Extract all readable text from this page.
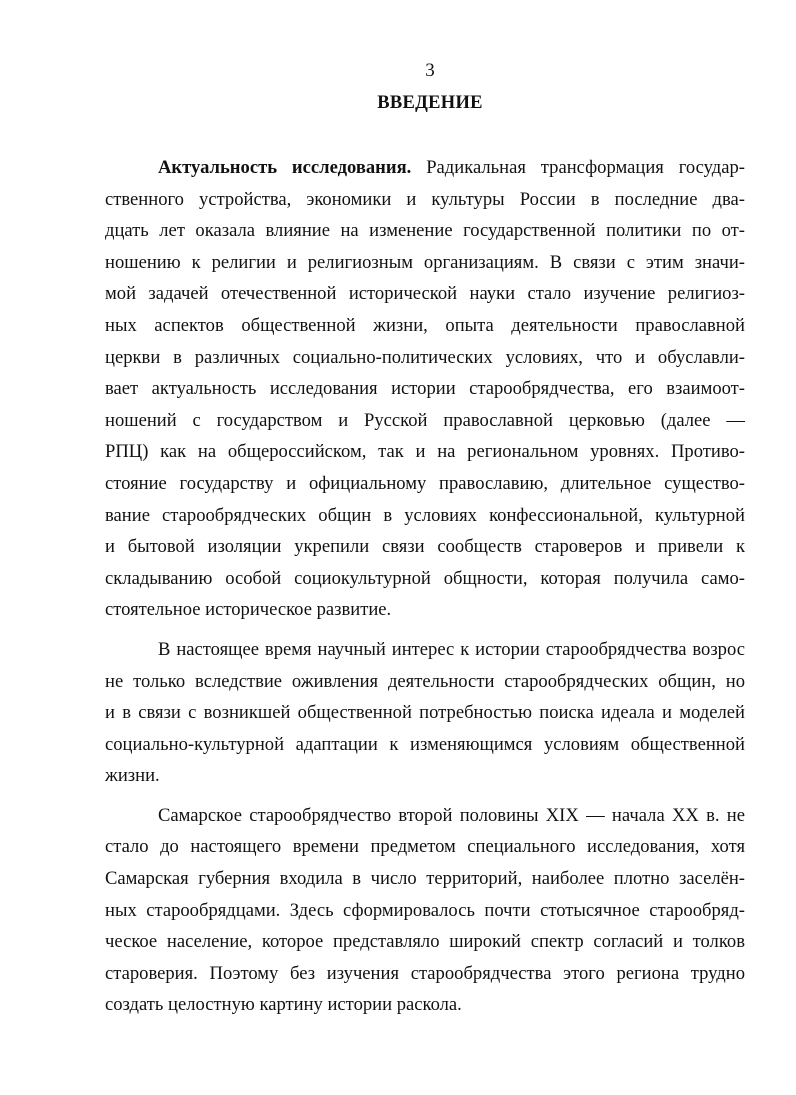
3
ВВЕДЕНИЕ
Актуальность исследования. Радикальная трансформация государ-
ственного устройства, экономики и культуры России в последние два-
дцать лет оказала влияние на изменение государственной политики по от-
ношению к религии и религиозным организациям. В связи с этим значи-
мой задачей отечественной исторической науки стало изучение религиоз-
ных аспектов общественной жизни, опыта деятельности православной
церкви в различных социально-политических условиях, что и обуславли-
вает актуальность исследования истории старообрядчества, его взаимоот-
ношений с государством и Русской православной церковью (далее —
РПЦ) как на общероссийском, так и на региональном уровнях. Противо-
стояние государству и официальному православию, длительное существо-
вание старообрядческих общин в условиях конфессиональной, культурной
и бытовой изоляции укрепили связи сообществ староверов и привели к
складыванию особой социокультурной общности, которая получила само-
стоятельное историческое развитие.
В настоящее время научный интерес к истории старообрядчества возрос
не только вследствие оживления деятельности старообрядческих общин, но
и в связи с возникшей общественной потребностью поиска идеала и моделей
социально-культурной адаптации к изменяющимся условиям общественной
жизни.
Самарское старообрядчество второй половины XIX — начала XX в. не
стало до настоящего времени предметом специального исследования, хотя
Самарская губерния входила в число территорий, наиболее плотно заселён-
ных старообрядцами. Здесь сформировалось почти стотысячное старообряд-
ческое население, которое представляло широкий спектр согласий и толков
староверия. Поэтому без изучения старообрядчества этого региона трудно
создать целостную картину истории раскола.
